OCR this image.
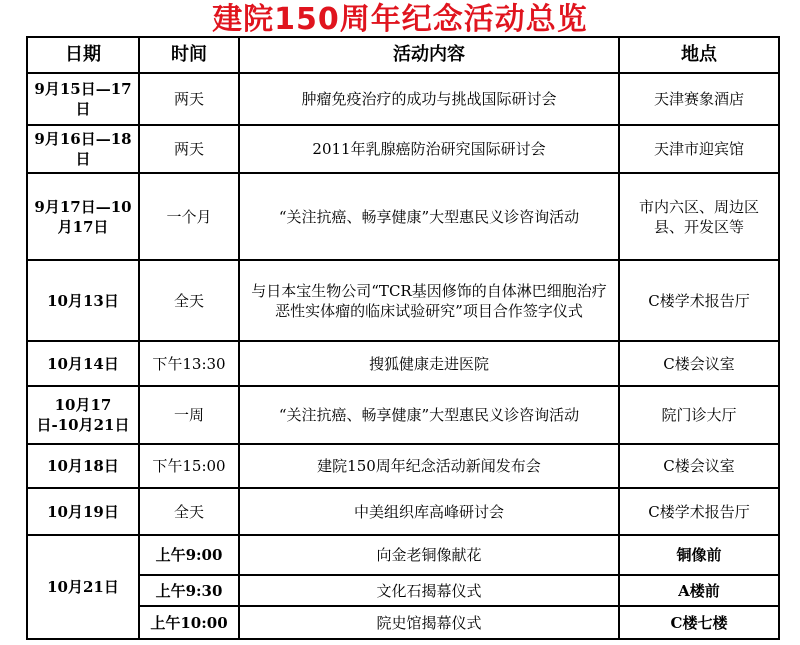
建院150周年纪念活动总览
日期	时间	活动内容	地点
9月15日—17日	两天	肿瘤免疫治疗的成功与挑战国际研讨会	天津赛象酒店
9月16日—18日	两天	2011年乳腺癌防治研究国际研讨会	天津市迎宾馆
9月17日—10月17日	一个月	“关注抗癌、畅享健康”大型惠民义诊咨询活动	市内六区、周边区县、开发区等
10月13日	全天	与日本宝生物公司“TCR基因修饰的自体淋巴细胞治疗恶性实体瘤的临床试验研究”项目合作签字仪式	C楼学术报告厅
10月14日	下午13:30	搜狐健康走进医院	C楼会议室
10月17日-10月21日	一周	“关注抗癌、畅享健康”大型惠民义诊咨询活动	院门诊大厅
10月18日	下午15:00	建院150周年纪念活动新闻发布会	C楼会议室
10月19日	全天	中美组织库高峰研讨会	C楼学术报告厅
10月21日	上午9:00	向金老铜像献花	铜像前
	上午9:30	文化石揭幕仪式	A楼前
	上午10:00	院史馆揭幕仪式	C楼七楼
